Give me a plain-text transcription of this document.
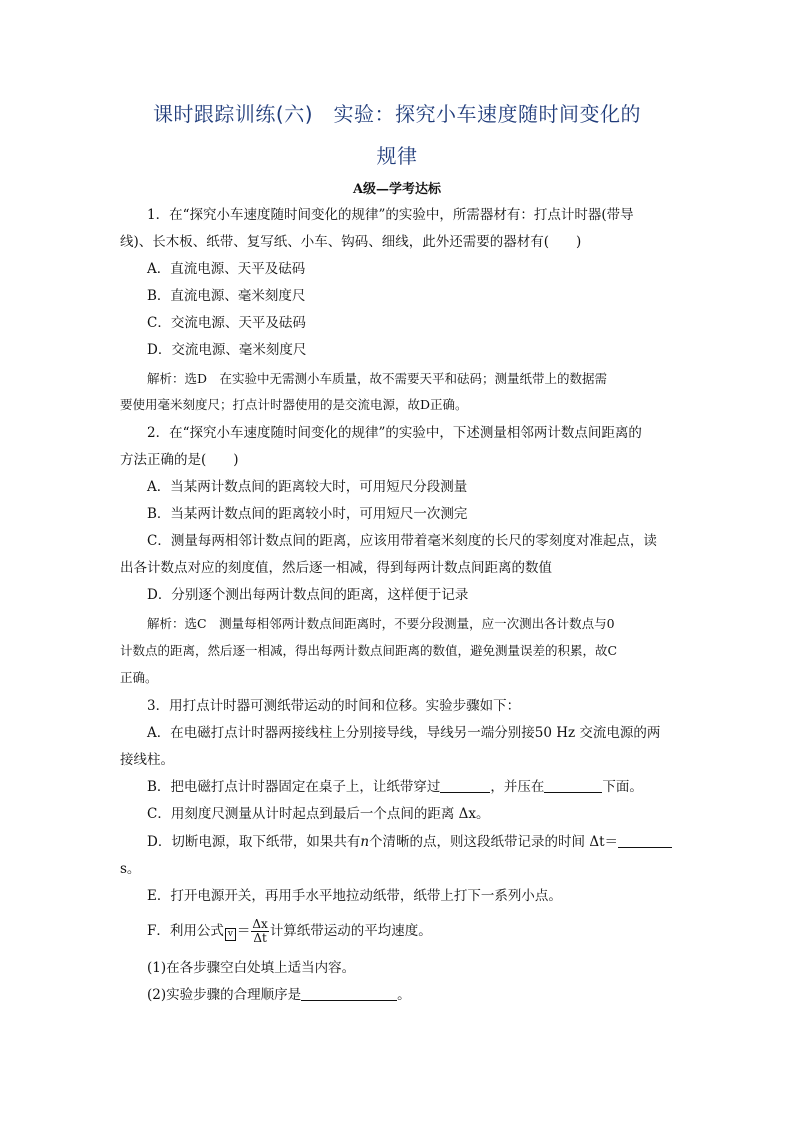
课时跟踪训练(六)　实验：探究小车速度随时间变化的
规律
A级—学考达标
1．在“探究小车速度随时间变化的规律”的实验中，所需器材有：打点计时器(带导
线)、长木板、纸带、复写纸、小车、钩码、细线，此外还需要的器材有(　　)
A．直流电源、天平及砝码
B．直流电源、毫米刻度尺
C．交流电源、天平及砝码
D．交流电源、毫米刻度尺
解析：选D　在实验中无需测小车质量，故不需要天平和砝码；测量纸带上的数据需
要使用毫米刻度尺；打点计时器使用的是交流电源，故D正确。
2．在“探究小车速度随时间变化的规律”的实验中，下述测量相邻两计数点间距离的
方法正确的是(　　)
A．当某两计数点间的距离较大时，可用短尺分段测量
B．当某两计数点间的距离较小时，可用短尺一次测完
C．测量每两相邻计数点间的距离，应该用带着毫米刻度的长尺的零刻度对准起点，读
出各计数点对应的刻度值，然后逐一相减，得到每两计数点间距离的数值
D．分别逐个测出每两计数点间的距离，这样便于记录
解析：选C　测量每相邻两计数点间距离时，不要分段测量，应一次测出各计数点与0
计数点的距离，然后逐一相减，得出每两计数点间距离的数值，避免测量误差的积累，故C
正确。
3．用打点计时器可测纸带运动的时间和位移。实验步骤如下：
A．在电磁打点计时器两接线柱上分别接导线，导线另一端分别接50 Hz 交流电源的两
接线柱。
B．把电磁打点计时器固定在桌子上，让纸带穿过	，并压在	下面。
C．用刻度尺测量从计时起点到最后一个点间的距离 Δx。
D．切断电源，取下纸带，如果共有n个清晰的点，则这段纸带记录的时间 Δt＝
s。
E．打开电源开关，再用手水平地拉动纸带，纸带上打下一系列小点。
F．利用公式 $v = \frac{\Delta x}{\Delta t}$ 计算纸带运动的平均速度。
(1)在各步骤空白处填上适当内容。
(2)实验步骤的合理顺序是	。
